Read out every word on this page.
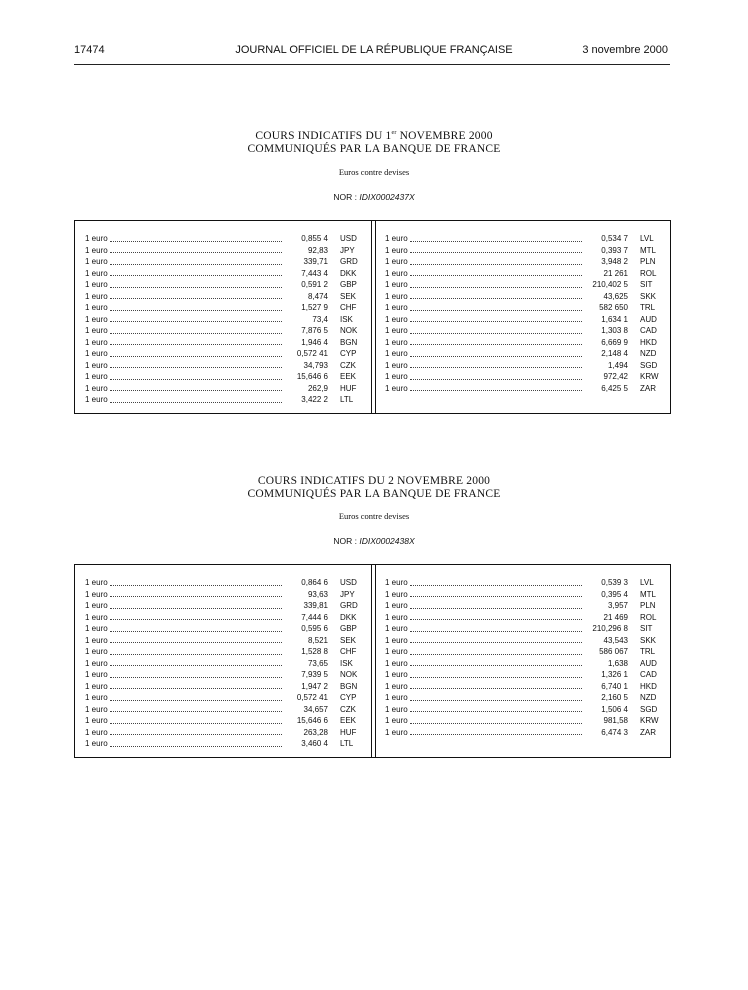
17474	JOURNAL OFFICIEL DE LA RÉPUBLIQUE FRANÇAISE	3 novembre 2000
COURS INDICATIFS DU 1er NOVEMBRE 2000
COMMUNIQUÉS PAR LA BANQUE DE FRANCE
Euros contre devises
NOR : IDIX0002437X
1 euro	0,855 4 USD
1 euro	92,83 JPY
1 euro	339,71 GRD
1 euro	7,443 4 DKK
1 euro	0,591 2 GBP
1 euro	8,474 SEK
1 euro	1,527 9 CHF
1 euro	73,4 ISK
1 euro	7,876 5 NOK
1 euro	1,946 4 BGN
1 euro	0,572 41 CYP
1 euro	34,793 CZK
1 euro	15,646 6 EEK
1 euro	262,9 HUF
1 euro	3,422 2 LTL
1 euro	0,534 7 LVL
1 euro	0,393 7 MTL
1 euro	3,948 2 PLN
1 euro	21 261 ROL
1 euro	210,402 5 SIT
1 euro	43,625 SKK
1 euro	582 650 TRL
1 euro	1,634 1 AUD
1 euro	1,303 8 CAD
1 euro	6,669 9 HKD
1 euro	2,148 4 NZD
1 euro	1,494 SGD
1 euro	972,42 KRW
1 euro	6,425 5 ZAR
COURS INDICATIFS DU 2 NOVEMBRE 2000
COMMUNIQUÉS PAR LA BANQUE DE FRANCE
Euros contre devises
NOR : IDIX0002438X
1 euro	0,864 6 USD
1 euro	93,63 JPY
1 euro	339,81 GRD
1 euro	7,444 6 DKK
1 euro	0,595 6 GBP
1 euro	8,521 SEK
1 euro	1,528 8 CHF
1 euro	73,65 ISK
1 euro	7,939 5 NOK
1 euro	1,947 2 BGN
1 euro	0,572 41 CYP
1 euro	34,657 CZK
1 euro	15,646 6 EEK
1 euro	263,28 HUF
1 euro	3,460 4 LTL
1 euro	0,539 3 LVL
1 euro	0,395 4 MTL
1 euro	3,957 PLN
1 euro	21 469 ROL
1 euro	210,296 8 SIT
1 euro	43,543 SKK
1 euro	586 067 TRL
1 euro	1,638 AUD
1 euro	1,326 1 CAD
1 euro	6,740 1 HKD
1 euro	2,160 5 NZD
1 euro	1,506 4 SGD
1 euro	981,58 KRW
1 euro	6,474 3 ZAR
